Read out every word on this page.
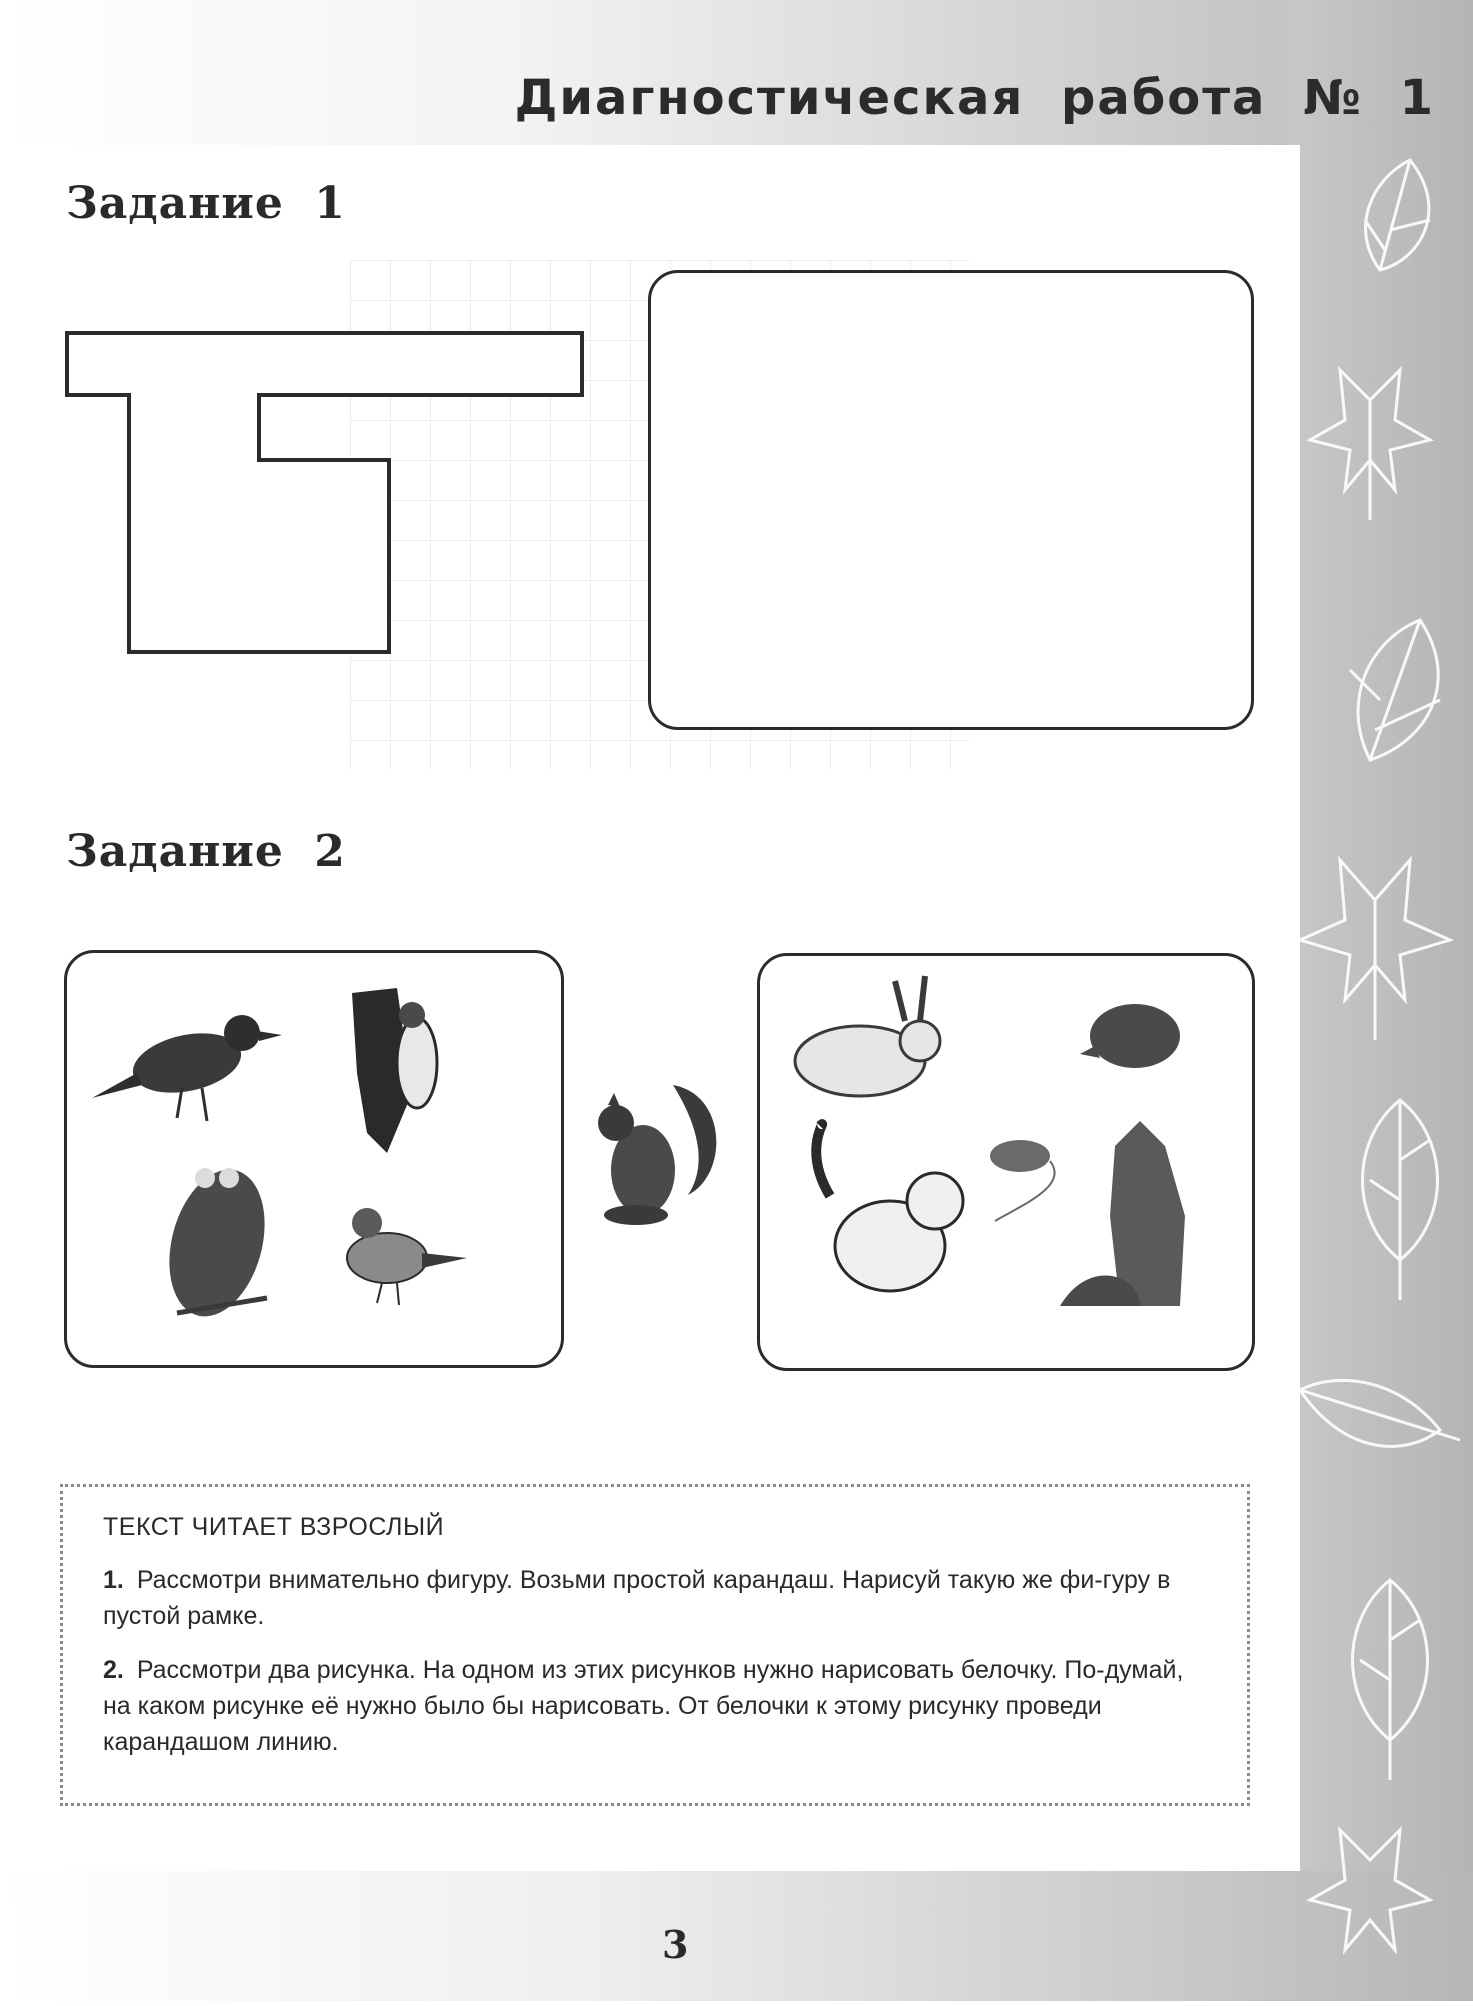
Диагностическая работа № 1
Задание 1
Задание 2
ТЕКСТ ЧИТАЕТ ВЗРОСЛЫЙ
1. Рассмотри внимательно фигуру. Возьми простой карандаш. Нарисуй такую же фи-гуру в пустой рамке.
2. Рассмотри два рисунка. На одном из этих рисунков нужно нарисовать белочку. По-думай, на каком рисунке её нужно было бы нарисовать. От белочки к этому рисунку проведи карандашом линию.
3
